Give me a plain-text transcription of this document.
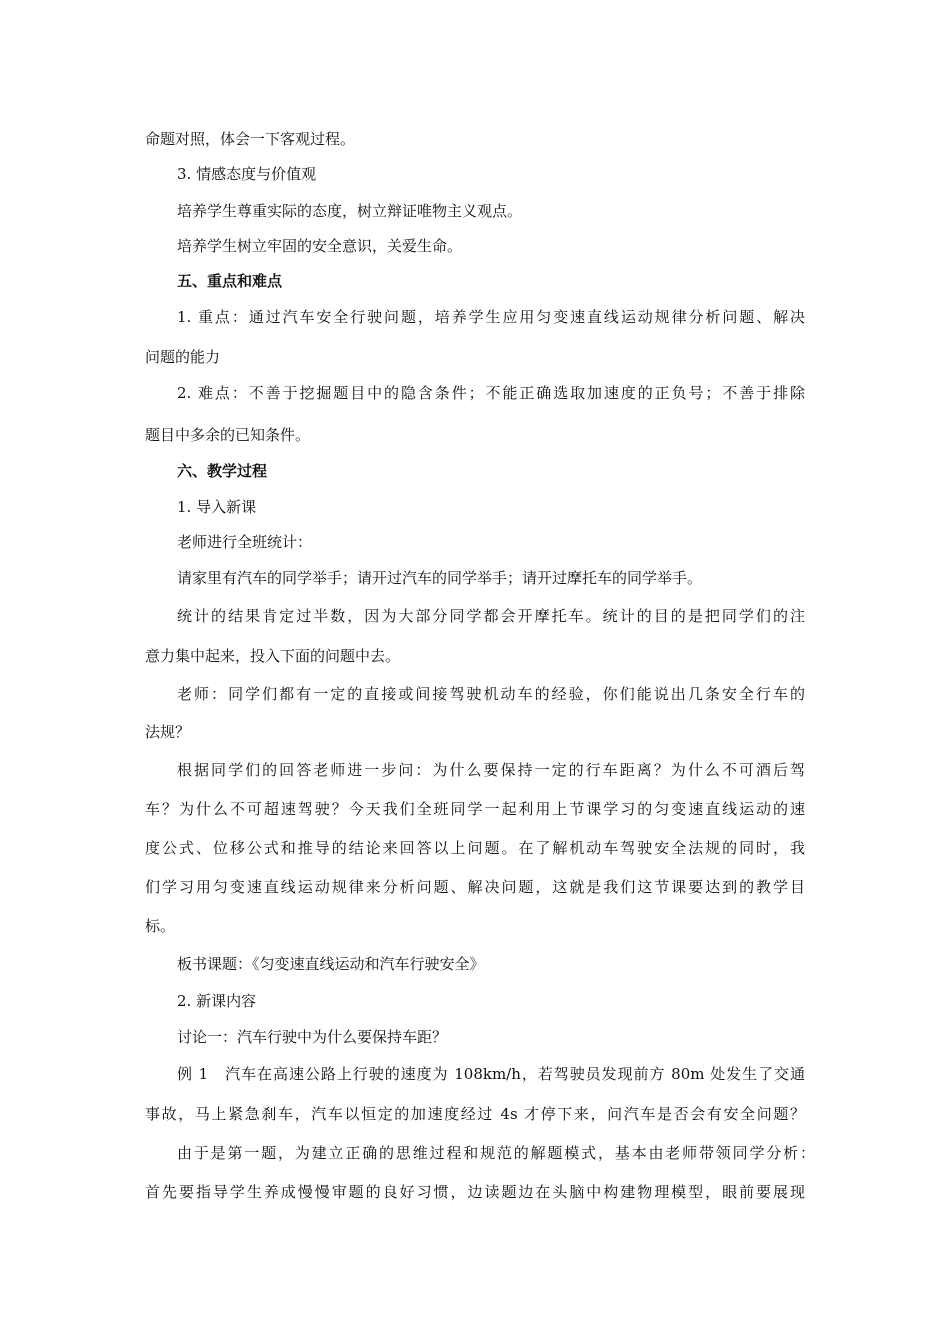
命题对照，体会一下客观过程。

3. 情感态度与价值观

培养学生尊重实际的态度，树立辩证唯物主义观点。

培养学生树立牢固的安全意识，关爱生命。

五、重点和难点

1. 重点：通过汽车安全行驶问题，培养学生应用匀变速直线运动规律分析问题、解决

问题的能力

2. 难点：不善于挖掘题目中的隐含条件；不能正确选取加速度的正负号；不善于排除

题目中多余的已知条件。

六、教学过程

1. 导入新课

老师进行全班统计：

请家里有汽车的同学举手；请开过汽车的同学举手；请开过摩托车的同学举手。

统计的结果肯定过半数，因为大部分同学都会开摩托车。统计的目的是把同学们的注

意力集中起来，投入下面的问题中去。

老师：同学们都有一定的直接或间接驾驶机动车的经验，你们能说出几条安全行车的

法规？

根据同学们的回答老师进一步问：为什么要保持一定的行车距离？为什么不可酒后驾

车？为什么不可超速驾驶？今天我们全班同学一起利用上节课学习的匀变速直线运动的速

度公式、位移公式和推导的结论来回答以上问题。在了解机动车驾驶安全法规的同时，我

们学习用匀变速直线运动规律来分析问题、解决问题，这就是我们这节课要达到的教学目

标。

板书课题：《匀变速直线运动和汽车行驶安全》

2. 新课内容

讨论一：汽车行驶中为什么要保持车距？

例 1　汽车在高速公路上行驶的速度为 108km/h，若驾驶员发现前方 80m 处发生了交通

事故，马上紧急刹车，汽车以恒定的加速度经过 4s 才停下来，问汽车是否会有安全问题？

由于是第一题，为建立正确的思维过程和规范的解题模式，基本由老师带领同学分析：

首先要指导学生养成慢慢审题的良好习惯，边读题边在头脑中构建物理模型，眼前要展现
